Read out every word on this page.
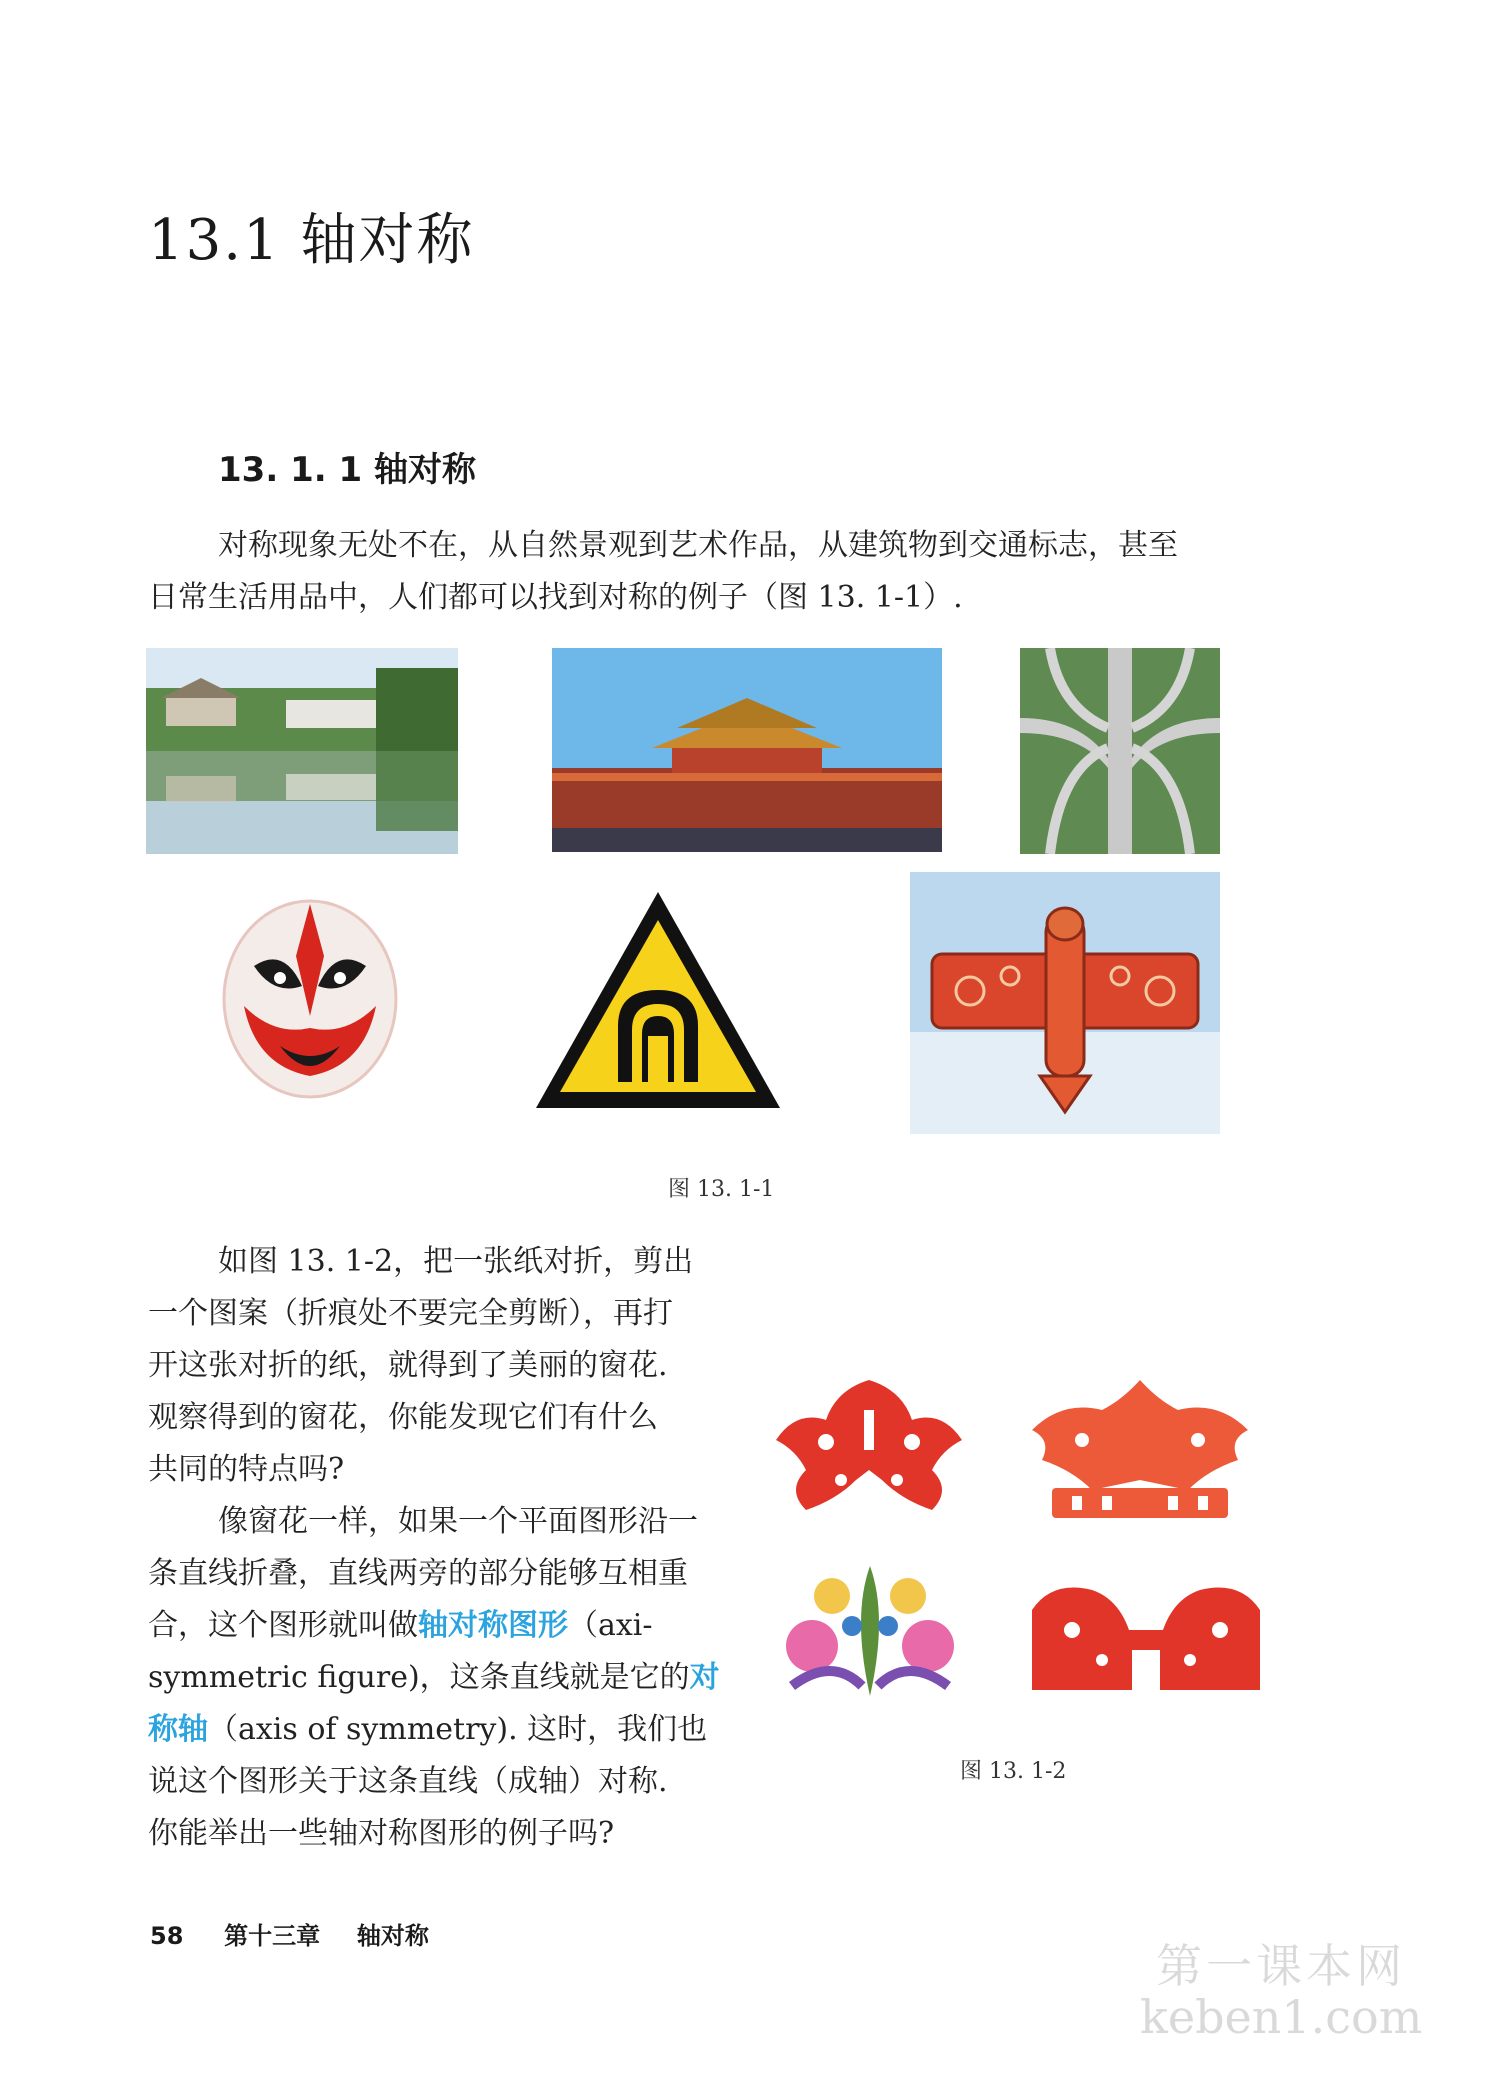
13.1 轴对称
13. 1. 1 轴对称
对称现象无处不在，从自然景观到艺术作品，从建筑物到交通标志，甚至
日常生活用品中，人们都可以找到对称的例子（图 13. 1-1）.
图 13. 1-1
如图 13. 1-2，把一张纸对折，剪出
一个图案（折痕处不要完全剪断），再打
开这张对折的纸，就得到了美丽的窗花.
观察得到的窗花，你能发现它们有什么
共同的特点吗?
像窗花一样，如果一个平面图形沿一
条直线折叠，直线两旁的部分能够互相重
合，这个图形就叫做轴对称图形（axi-
symmetric figure)，这条直线就是它的对
称轴（axis of symmetry). 这时，我们也
说这个图形关于这条直线（成轴）对称.
你能举出一些轴对称图形的例子吗?
图 13. 1-2
58 第十三章 轴对称
第一课本网
keben1.com
